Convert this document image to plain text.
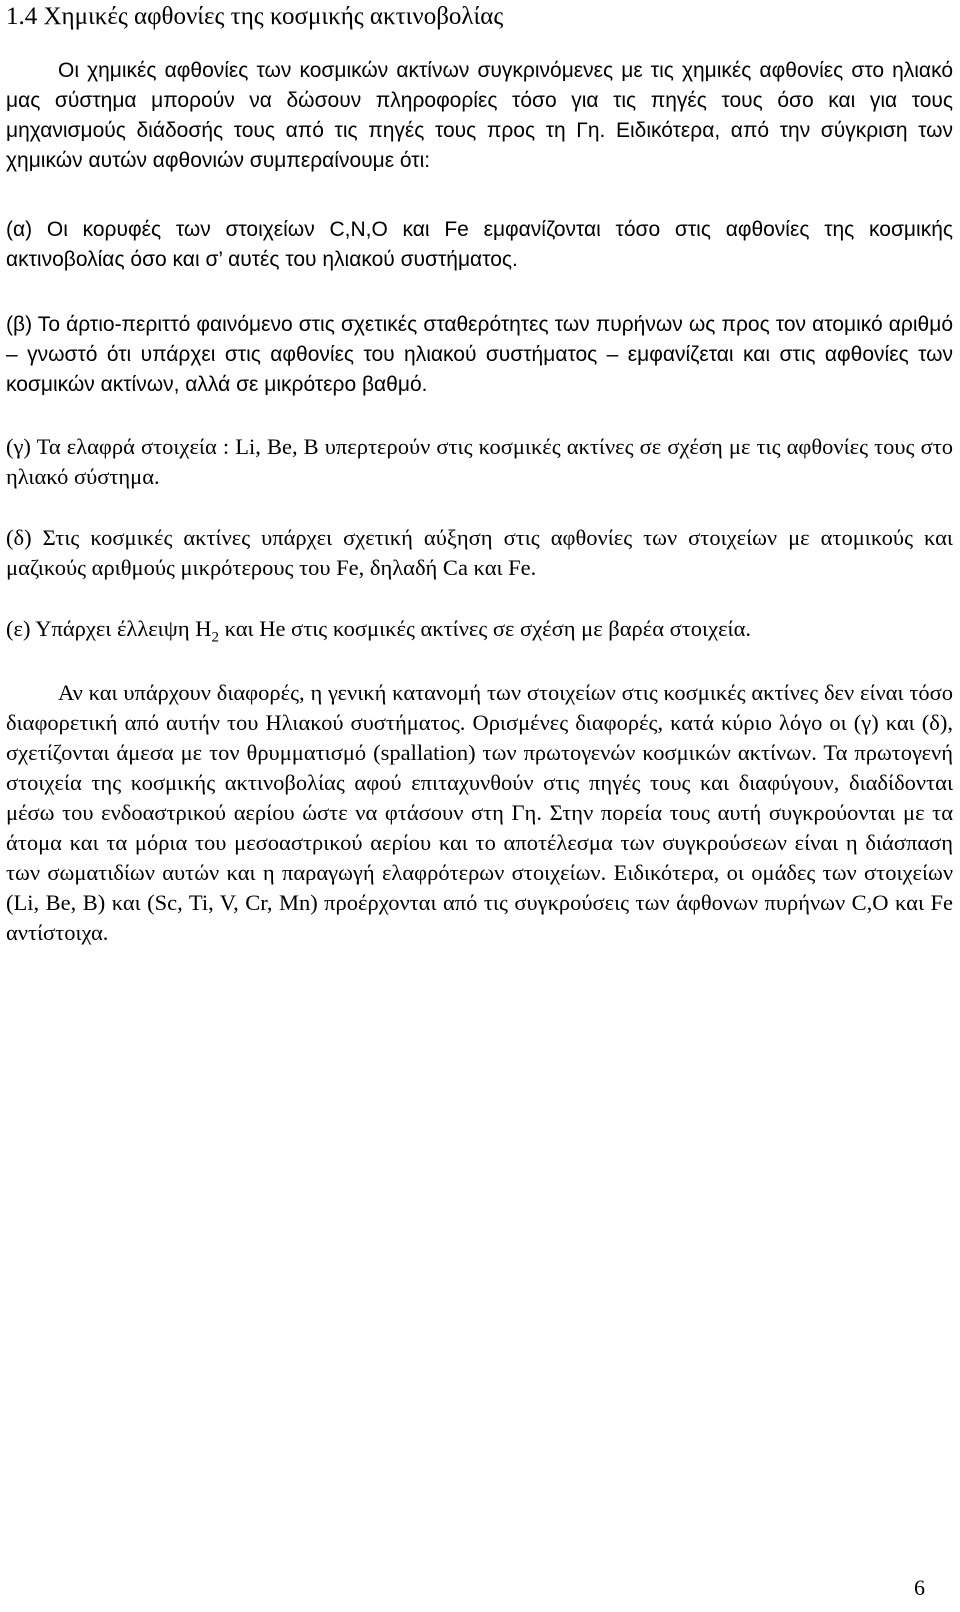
1.4 Χημικές αφθονίες της κοσμικής ακτινοβολίας
Οι χημικές αφθονίες των κοσμικών ακτίνων συγκρινόμενες με τις χημικές αφθονίες στο ηλιακό μας σύστημα μπορούν να δώσουν πληροφορίες τόσο για τις πηγές τους όσο και για τους μηχανισμούς διάδοσής τους από τις πηγές τους προς τη Γη. Ειδικότερα, από την σύγκριση των χημικών αυτών αφθονιών συμπεραίνουμε ότι:
(α) Οι κορυφές των στοιχείων C,N,O και Fe εμφανίζονται τόσο στις αφθονίες της κοσμικής ακτινοβολίας όσο και σ’ αυτές του ηλιακού συστήματος.
(β) Το άρτιο-περιττό φαινόμενο στις σχετικές σταθερότητες των πυρήνων ως προς τον ατομικό αριθμό – γνωστό ότι υπάρχει στις αφθονίες του ηλιακού συστήματος – εμφανίζεται και στις αφθονίες των κοσμικών ακτίνων, αλλά σε μικρότερο βαθμό.
(γ) Τα ελαφρά στοιχεία : Li, Be, B υπερτερούν στις κοσμικές ακτίνες σε σχέση με τις αφθονίες τους στο ηλιακό σύστημα.
(δ) Στις κοσμικές ακτίνες υπάρχει σχετική αύξηση στις αφθονίες των στοιχείων με ατομικούς και μαζικούς αριθμούς μικρότερους του Fe, δηλαδή Ca και Fe.
(ε) Υπάρχει έλλειψη $H_2$ και He στις κοσμικές ακτίνες σε σχέση με βαρέα στοιχεία.
Αν και υπάρχουν διαφορές, η γενική κατανομή των στοιχείων στις κοσμικές ακτίνες δεν είναι τόσο διαφορετική από αυτήν του Ηλιακού συστήματος. Ορισμένες διαφορές, κατά κύριο λόγο οι (γ) και (δ), σχετίζονται άμεσα με τον θρυμματισμό (spallation) των πρωτογενών κοσμικών ακτίνων. Τα πρωτογενή στοιχεία της κοσμικής ακτινοβολίας αφού επιταχυνθούν στις πηγές τους και διαφύγουν, διαδίδονται μέσω του ενδοαστρικού αερίου ώστε να φτάσουν στη Γη. Στην πορεία τους αυτή συγκρούονται με τα άτομα και τα μόρια του μεσοαστρικού αερίου και το αποτέλεσμα των συγκρούσεων είναι η διάσπαση των σωματιδίων αυτών και η παραγωγή ελαφρότερων στοιχείων. Ειδικότερα, οι ομάδες των στοιχείων (Li, Be, B) και (Sc, Ti, V, Cr, Mn) προέρχονται από τις συγκρούσεις των άφθονων πυρήνων C,O και Fe αντίστοιχα.
6
